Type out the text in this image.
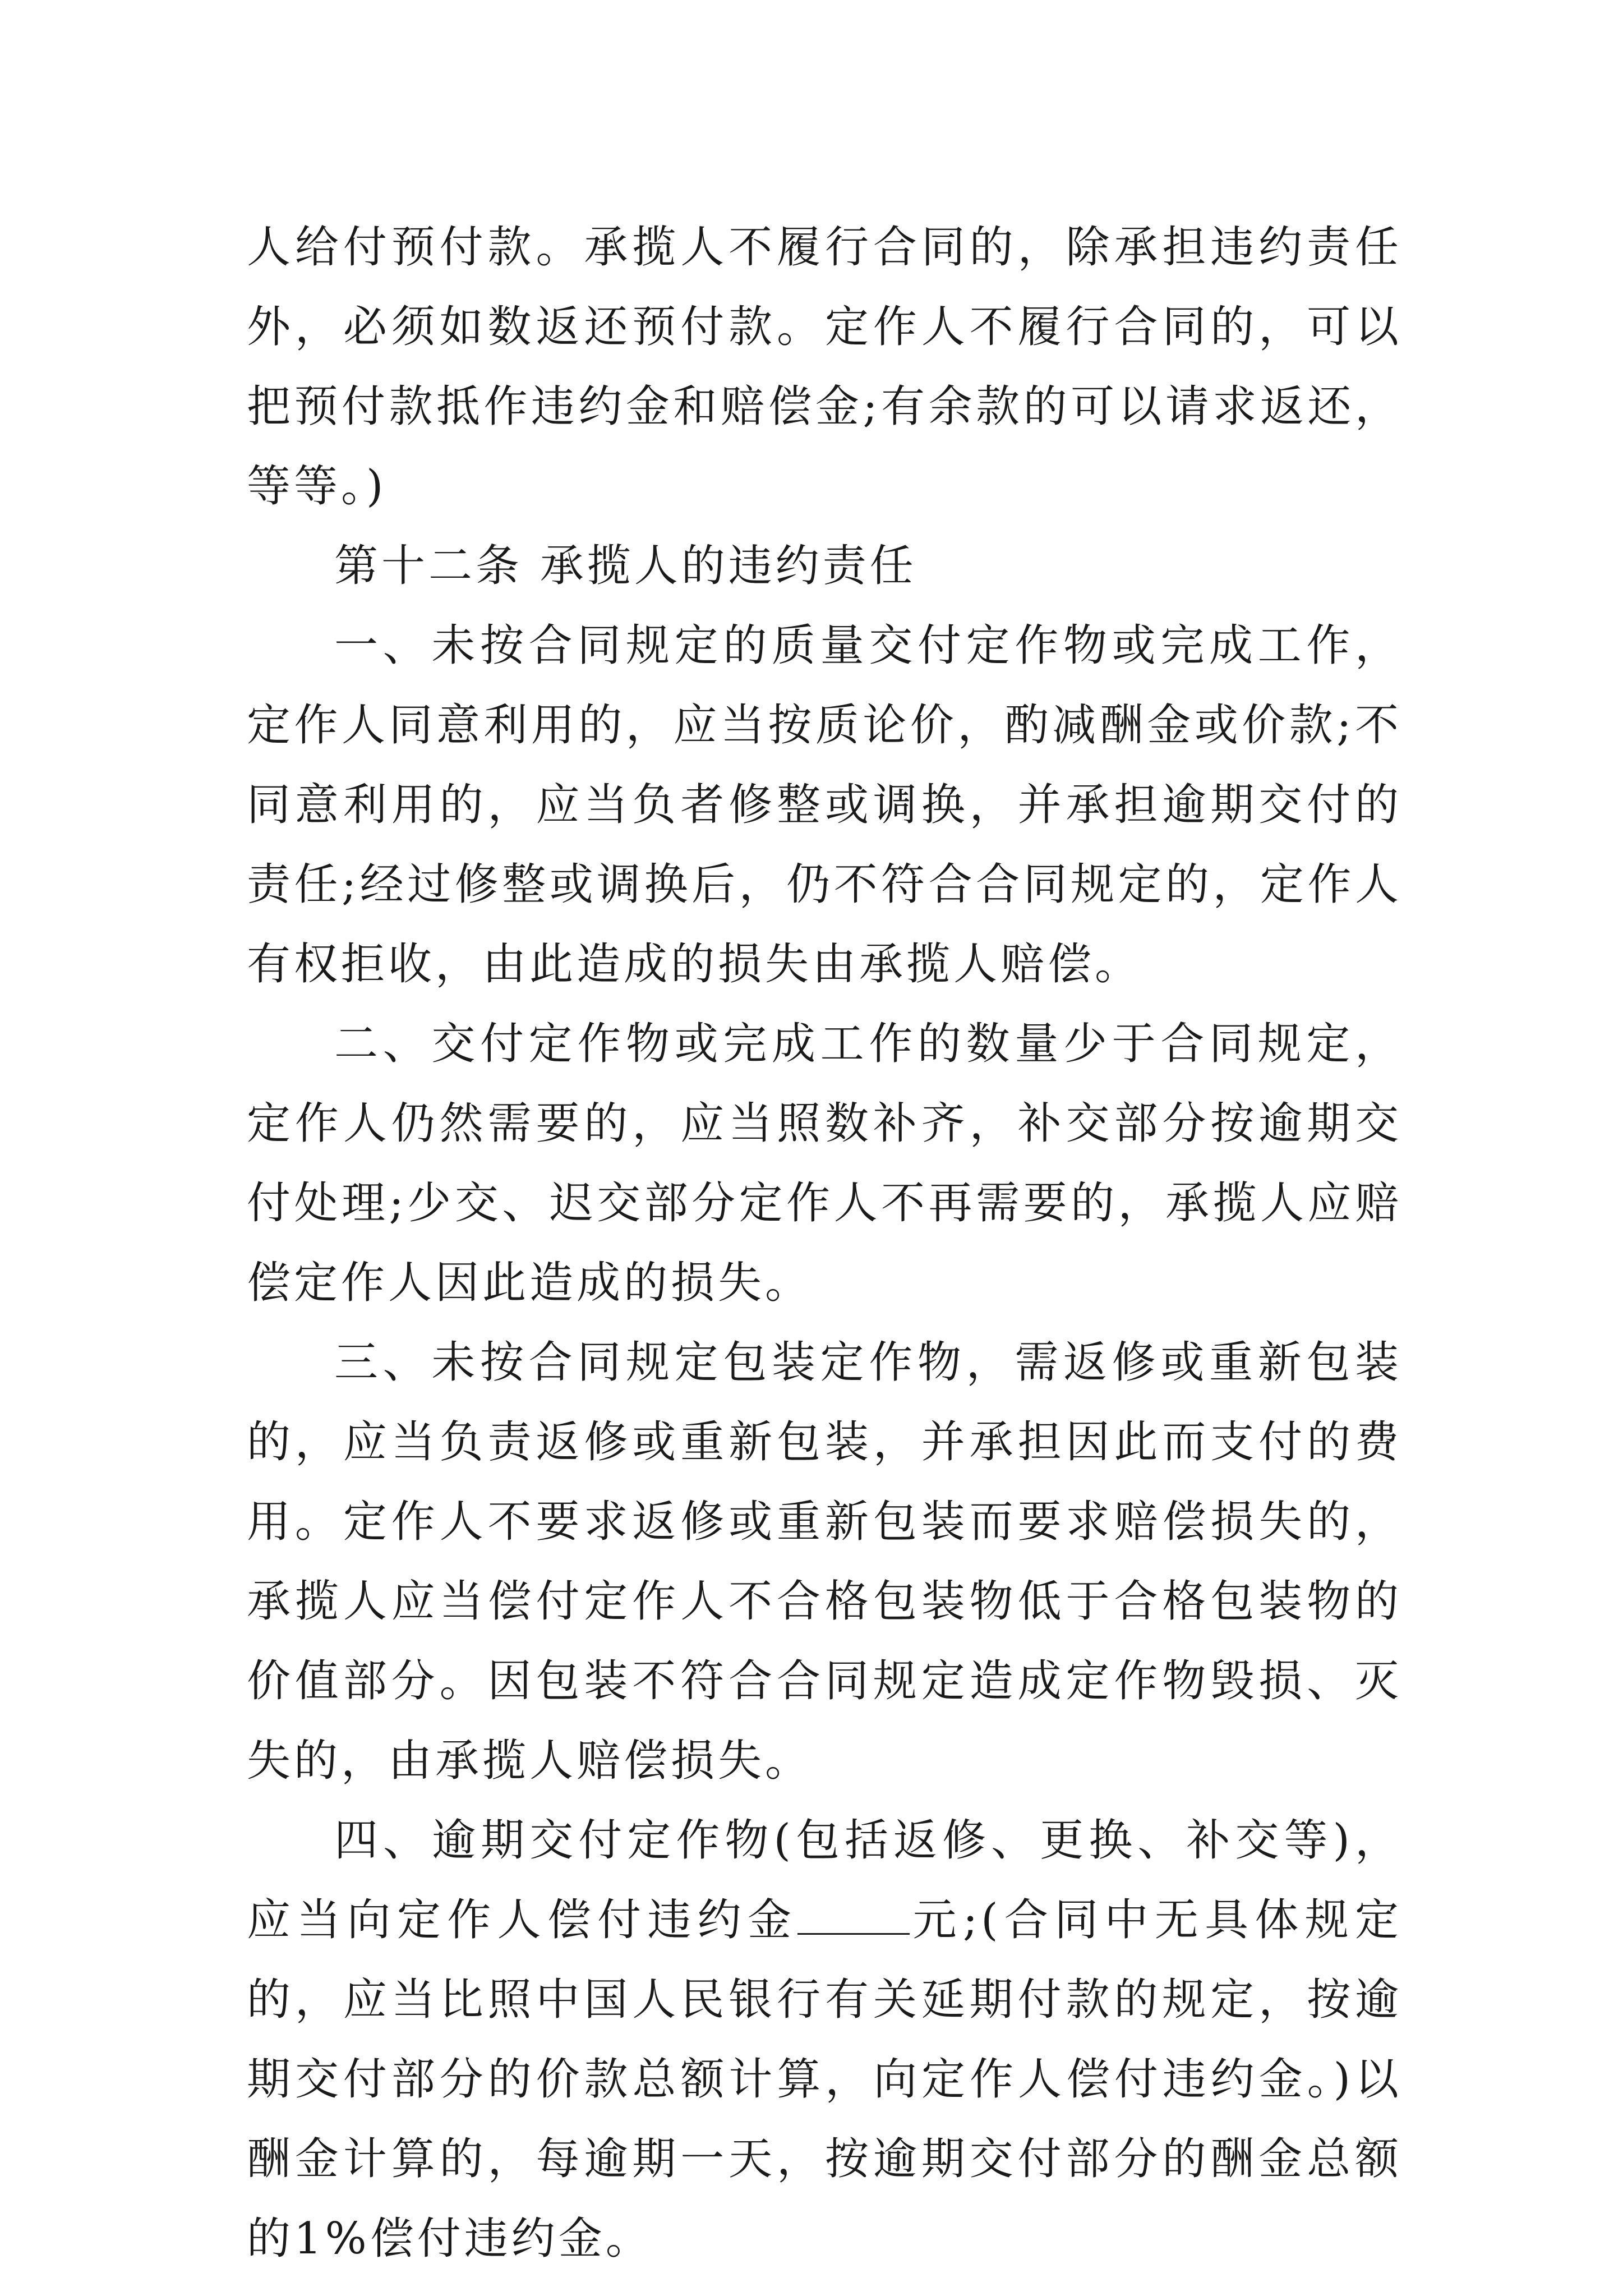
人给付预付款。承揽人不履行合同的，除承担违约责任外，必须如数返还预付款。定作人不履行合同的，可以把预付款抵作违约金和赔偿金;有余款的可以请求返还，等等。)

第十二条 承揽人的违约责任

一、未按合同规定的质量交付定作物或完成工作，定作人同意利用的，应当按质论价，酌减酬金或价款;不同意利用的，应当负者修整或调换，并承担逾期交付的责任;经过修整或调换后，仍不符合合同规定的，定作人有权拒收，由此造成的损失由承揽人赔偿。

二、交付定作物或完成工作的数量少于合同规定，定作人仍然需要的，应当照数补齐，补交部分按逾期交付处理;少交、迟交部分定作人不再需要的，承揽人应赔偿定作人因此造成的损失。

三、未按合同规定包装定作物，需返修或重新包装的，应当负责返修或重新包装，并承担因此而支付的费用。定作人不要求返修或重新包装而要求赔偿损失的，承揽人应当偿付定作人不合格包装物低于合格包装物的价值部分。因包装不符合合同规定造成定作物毁损、灭失的，由承揽人赔偿损失。

四、逾期交付定作物(包括返修、更换、补交等)，应当向定作人偿付违约金	元;(合同中无具体规定的，应当比照中国人民银行有关延期付款的规定，按逾期交付部分的价款总额计算，向定作人偿付违约金。)以酬金计算的，每逾期一天，按逾期交付部分的酬金总额的1%偿付违约金。
